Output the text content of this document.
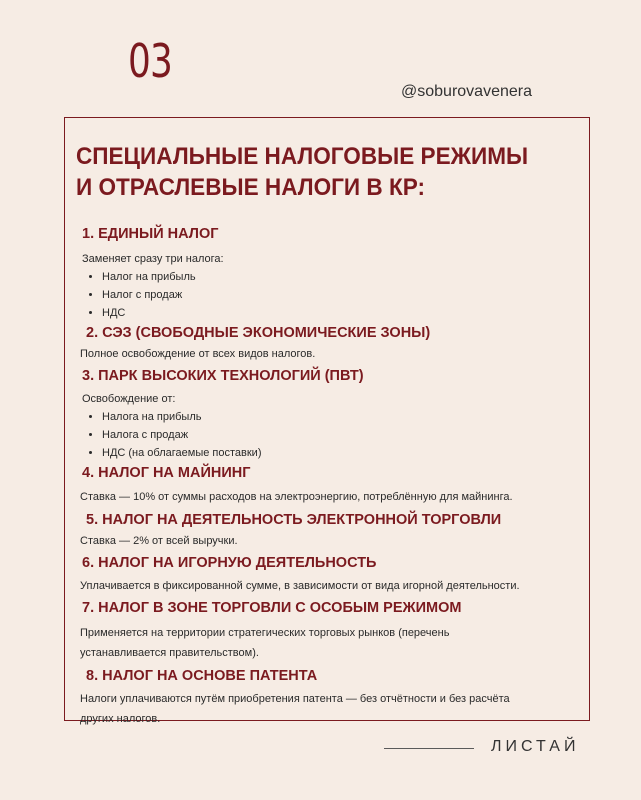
03
@soburovavenera
СПЕЦИАЛЬНЫЕ НАЛОГОВЫЕ РЕЖИМЫ
И ОТРАСЛЕВЫЕ НАЛОГИ В КР:

1. ЕДИНЫЙ НАЛОГ

Заменяет сразу три налога:

• Налог на прибыль
• Налог с продаж
• НДС

2. СЭЗ (СВОБОДНЫЕ ЭКОНОМИЧЕСКИЕ ЗОНЫ)

Полное освобождение от всех видов налогов.

3. ПАРК ВЫСОКИХ ТЕХНОЛОГИЙ (ПВТ)

Освобождение от:

• Налога на прибыль
• Налога с продаж
• НДС (на облагаемые поставки)

4. НАЛОГ НА МАЙНИНГ

Ставка — 10% от суммы расходов на электроэнергию, потреблённую для майнинга.

5. НАЛОГ НА ДЕЯТЕЛЬНОСТЬ ЭЛЕКТРОННОЙ ТОРГОВЛИ

Ставка — 2% от всей выручки.

6. НАЛОГ НА ИГОРНУЮ ДЕЯТЕЛЬНОСТЬ

Уплачивается в фиксированной сумме, в зависимости от вида игорной деятельности.

7. НАЛОГ В ЗОНЕ ТОРГОВЛИ С ОСОБЫМ РЕЖИМОМ

Применяется на территории стратегических торговых рынков (перечень
устанавливается правительством).

8. НАЛОГ НА ОСНОВЕ ПАТЕНТА

Налоги уплачиваются путём приобретения патента — без отчётности и без расчёта
других налогов.

ЛИСТАЙ
